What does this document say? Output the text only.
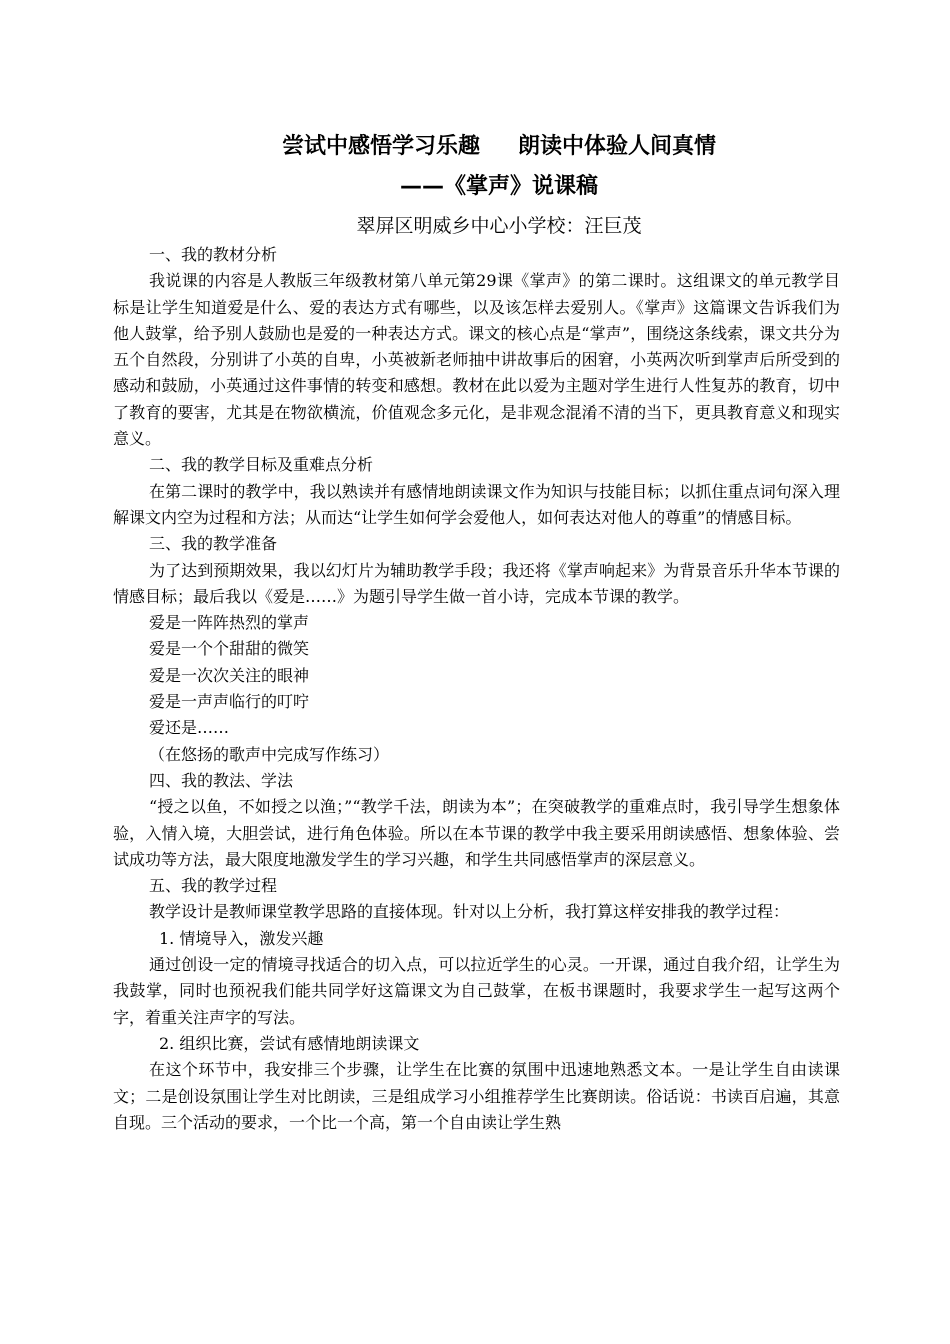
尝试中感悟学习乐趣 朗读中体验人间真情
——《掌声》说课稿
翠屏区明威乡中心小学校：汪巨茂

一、我的教材分析

我说课的内容是人教版三年级教材第八单元第29课《掌声》的第二课时。这组课文的单元教学目标是让学生知道爱是什么、爱的表达方式有哪些，以及该怎样去爱别人。《掌声》这篇课文告诉我们为他人鼓掌，给予别人鼓励也是爱的一种表达方式。课文的核心点是“掌声”，围绕这条线索，课文共分为五个自然段，分别讲了小英的自卑，小英被新老师抽中讲故事后的困窘，小英两次听到掌声后所受到的感动和鼓励，小英通过这件事情的转变和感想。教材在此以爱为主题对学生进行人性复苏的教育，切中了教育的要害，尤其是在物欲横流，价值观念多元化，是非观念混淆不清的当下，更具教育意义和现实意义。

二、我的教学目标及重难点分析

在第二课时的教学中，我以熟读并有感情地朗读课文作为知识与技能目标；以抓住重点词句深入理解课文内空为过程和方法；从而达“让学生如何学会爱他人，如何表达对他人的尊重”的情感目标。

三、我的教学准备

为了达到预期效果，我以幻灯片为辅助教学手段；我还将《掌声响起来》为背景音乐升华本节课的情感目标；最后我以《爱是……》为题引导学生做一首小诗，完成本节课的教学。

爱是一阵阵热烈的掌声

爱是一个个甜甜的微笑

爱是一次次关注的眼神

爱是一声声临行的叮咛

爱还是……

（在悠扬的歌声中完成写作练习）

四、我的教法、学法

“授之以鱼，不如授之以渔；”“教学千法，朗读为本”；在突破教学的重难点时，我引导学生想象体验，入情入境，大胆尝试，进行角色体验。所以在本节课的教学中我主要采用朗读感悟、想象体验、尝试成功等方法，最大限度地激发学生的学习兴趣，和学生共同感悟掌声的深层意义。

五、我的教学过程

教学设计是教师课堂教学思路的直接体现。针对以上分析，我打算这样安排我的教学过程：

1. 情境导入，激发兴趣

通过创设一定的情境寻找适合的切入点，可以拉近学生的心灵。一开课，通过自我介绍，让学生为我鼓掌，同时也预祝我们能共同学好这篇课文为自己鼓掌，在板书课题时，我要求学生一起写这两个字，着重关注声字的写法。

2. 组织比赛，尝试有感情地朗读课文

在这个环节中，我安排三个步骤，让学生在比赛的氛围中迅速地熟悉文本。一是让学生自由读课文；二是创设氛围让学生对比朗读，三是组成学习小组推荐学生比赛朗读。俗话说：书读百启遍，其意自现。三个活动的要求，一个比一个高，第一个自由读让学生熟
